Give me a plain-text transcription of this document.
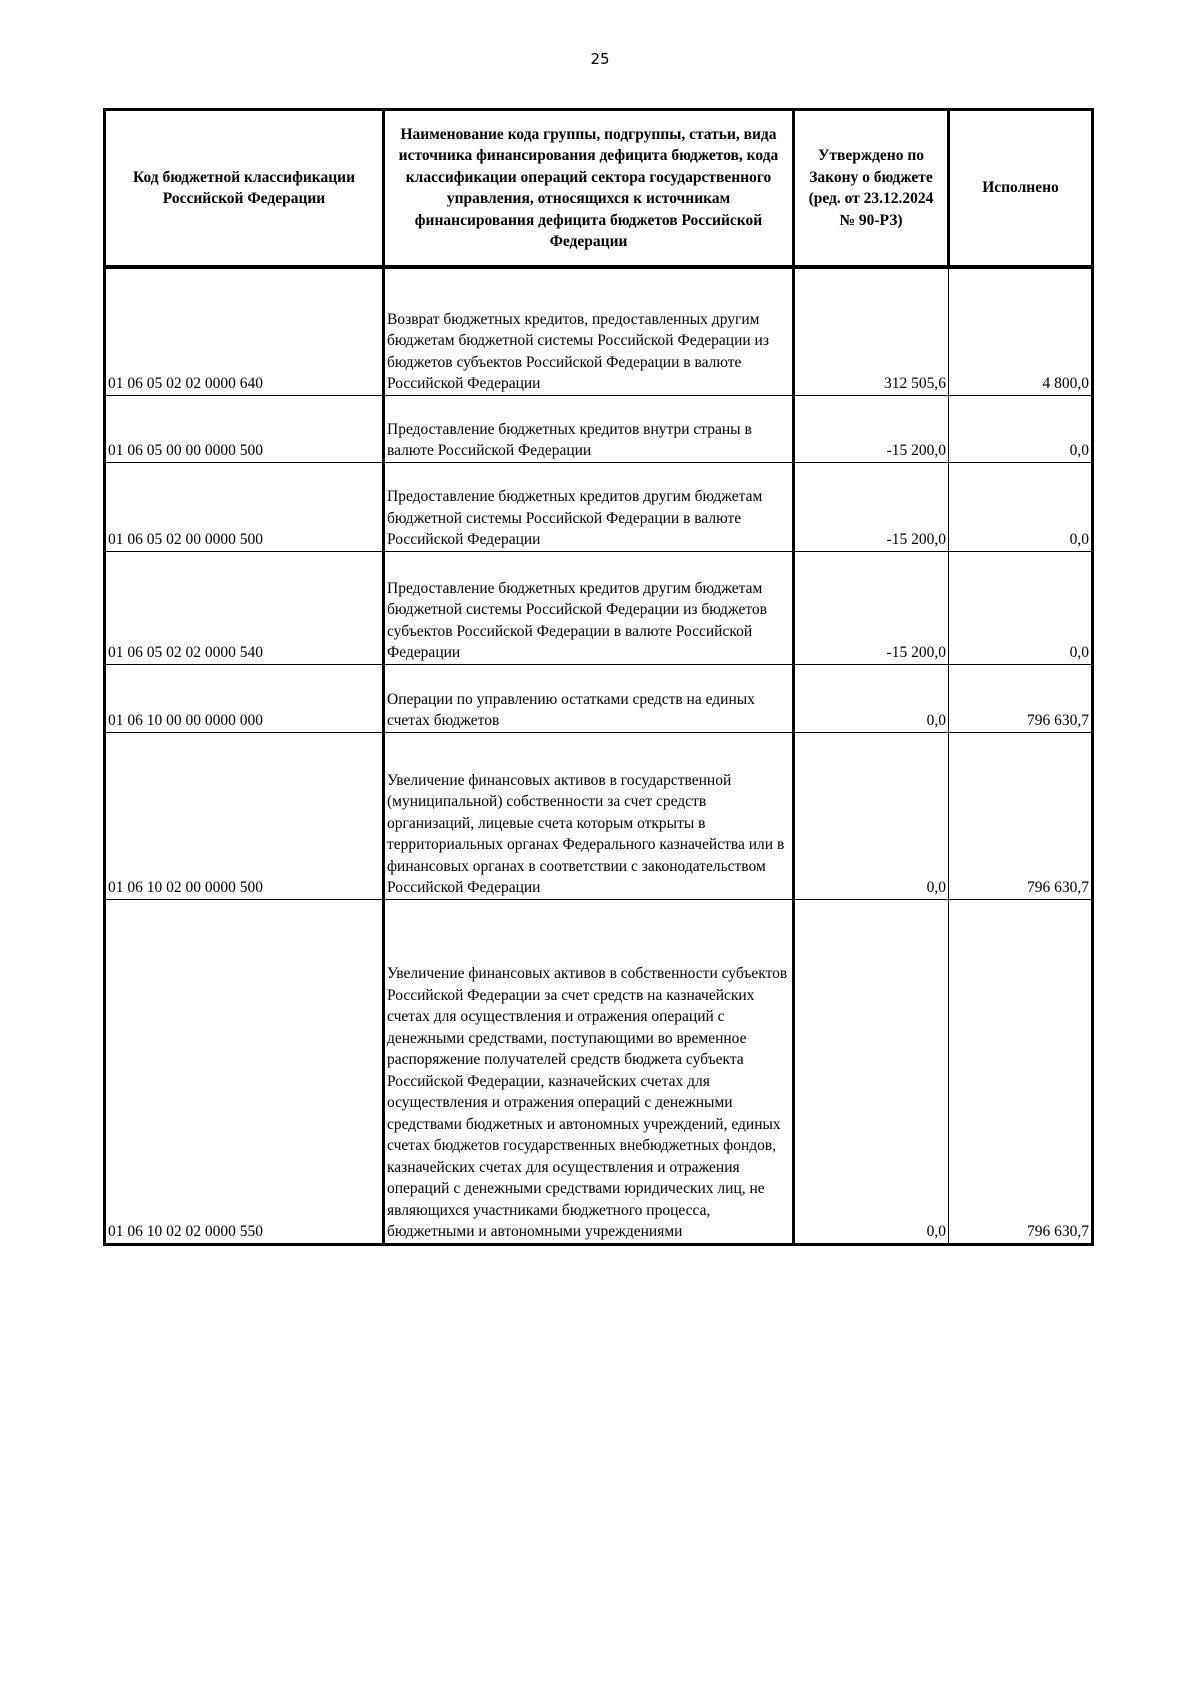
25
Код бюджетной классификации Российской Федерации	Наименование кода группы, подгруппы, статьи, вида источника финансирования дефицита бюджетов, кода классификации операций сектора государственного управления, относящихся к источникам финансирования дефицита бюджетов Российской Федерации	Утверждено по Закону о бюджете (ред. от 23.12.2024 № 90-РЗ)	Исполнено
01 06 05 02 02 0000 640	Возврат бюджетных кредитов, предоставленных другим бюджетам бюджетной системы Российской Федерации из бюджетов субъектов Российской Федерации в валюте Российской Федерации	312 505,6	4 800,0
01 06 05 00 00 0000 500	Предоставление бюджетных кредитов внутри страны в валюте Российской Федерации	-15 200,0	0,0
01 06 05 02 00 0000 500	Предоставление бюджетных кредитов другим бюджетам бюджетной системы Российской Федерации в валюте Российской Федерации	-15 200,0	0,0
01 06 05 02 02 0000 540	Предоставление бюджетных кредитов другим бюджетам бюджетной системы Российской Федерации из бюджетов субъектов Российской Федерации в валюте Российской Федерации	-15 200,0	0,0
01 06 10 00 00 0000 000	Операции по управлению остатками средств на единых счетах бюджетов	0,0	796 630,7
01 06 10 02 00 0000 500	Увеличение финансовых активов в государственной (муниципальной) собственности за счет средств организаций, лицевые счета которым открыты в территориальных органах Федерального казначейства или в финансовых органах в соответствии с законодательством Российской Федерации	0,0	796 630,7
01 06 10 02 02 0000 550	Увеличение финансовых активов в собственности субъектов Российской Федерации за счет средств на казначейских счетах для осуществления и отражения операций с денежными средствами, поступающими во временное распоряжение получателей средств бюджета субъекта Российской Федерации, казначейских счетах для осуществления и отражения операций с денежными средствами бюджетных и автономных учреждений, единых счетах бюджетов государственных внебюджетных фондов, казначейских счетах для осуществления и отражения операций с денежными средствами юридических лиц, не являющихся участниками бюджетного процесса, бюджетными и автономными учреждениями	0,0	796 630,7
